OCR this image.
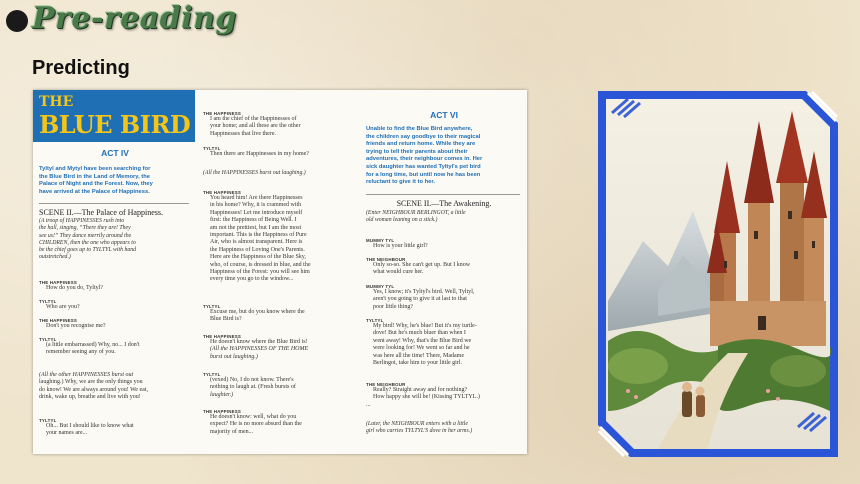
Pre-reading
Predicting
THE
BLUE BIRD
ACT IV
Tyltyl and Mytyl have been searching for
the Blue Bird in the Land of Memory, the
Palace of Night and the Forest. Now, they
have arrived at the Palace of Happiness.
SCENE II.—The Palace of Happiness.
(A troop of HAPPINESSES rush into
the hall, singing, “There they are! They
see us!” They dance merrily around the
CHILDREN, then the one who appears to
be the chief goes up to TYLTYL with hand
outstretched.)
THE HAPPINESS
How do you do, Tyltyl?
TYLTYL
Who are you?
THE HAPPINESS
Don't you recognise me?
TYLTYL
(a little embarrassed) Why, no... I don't
remember seeing any of you.
(All the other HAPPINESSES burst out
laughing.) Why, we are the only things you
do know! We are always around you! We eat,
drink, wake up, breathe and live with you!
TYLTYL
Oh... But I should like to know what
your names are...
THE HAPPINESS
I am the chief of the Happinesses of
your home; and all these are the other
Happinesses that live there.
TYLTYL
Then there are Happinesses in my home?
(All the HAPPINESSES burst out laughing.)
THE HAPPINESS
You heard him! Are there Happinesses
in his home? Why, it is crammed with
Happinesses! Let me introduce myself
first: the Happiness of Being Well. I
am not the prettiest, but I am the most
important. This is the Happiness of Pure
Air, who is almost transparent. Here is
the Happiness of Loving One's Parents.
Here are the Happiness of the Blue Sky,
who, of course, is dressed in blue, and the
Happiness of the Forest: you will see him
every time you go to the window...
TYLTYL
Excuse me, but do you know where the
Blue Bird is?
THE HAPPINESS
He doesn't know where the Blue Bird is!
(All the HAPPINESSES OF THE HOME
burst out laughing.)
TYLTYL
(vexed) No, I do not know. There's
nothing to laugh at. (Fresh bursts of
laughter.)
THE HAPPINESS
He doesn't know: well, what do you
expect? He is no more absurd than the
majority of men...
ACT VI
Unable to find the Blue Bird anywhere,
the children say goodbye to their magical
friends and return home. While they are
trying to tell their parents about their
adventures, their neighbour comes in. Her
sick daughter has wanted Tyltyl's pet bird
for a long time, but until now he has been
reluctant to give it to her.
SCENE II.—The Awakening.
(Enter NEIGHBOUR BERLINGOT, a little
old woman leaning on a stick.)
MUMMY TYL
How is your little girl?
THE NEIGHBOUR
Only so-so. She can't get up. But I know
what would cure her.
MUMMY TYL
Yes, I know; it's Tyltyl's bird. Well, Tyltyl,
aren't you going to give it at last to that
poor little thing?
TYLTYL
My bird! Why, he's blue! But it's my turtle-
dove! But he's much bluer than when I
went away! Why, that's the Blue Bird we
were looking for! We went so far and he
was here all the time! There, Madame
Berlingot, take him to your little girl.
THE NEIGHBOUR
Really? Straight away and for nothing?
How happy she will be! (Kissing TYLTYL.)
...
(Later, the NEIGHBOUR enters with a little
girl who carries TYLTYL'S dove in her arms.)
